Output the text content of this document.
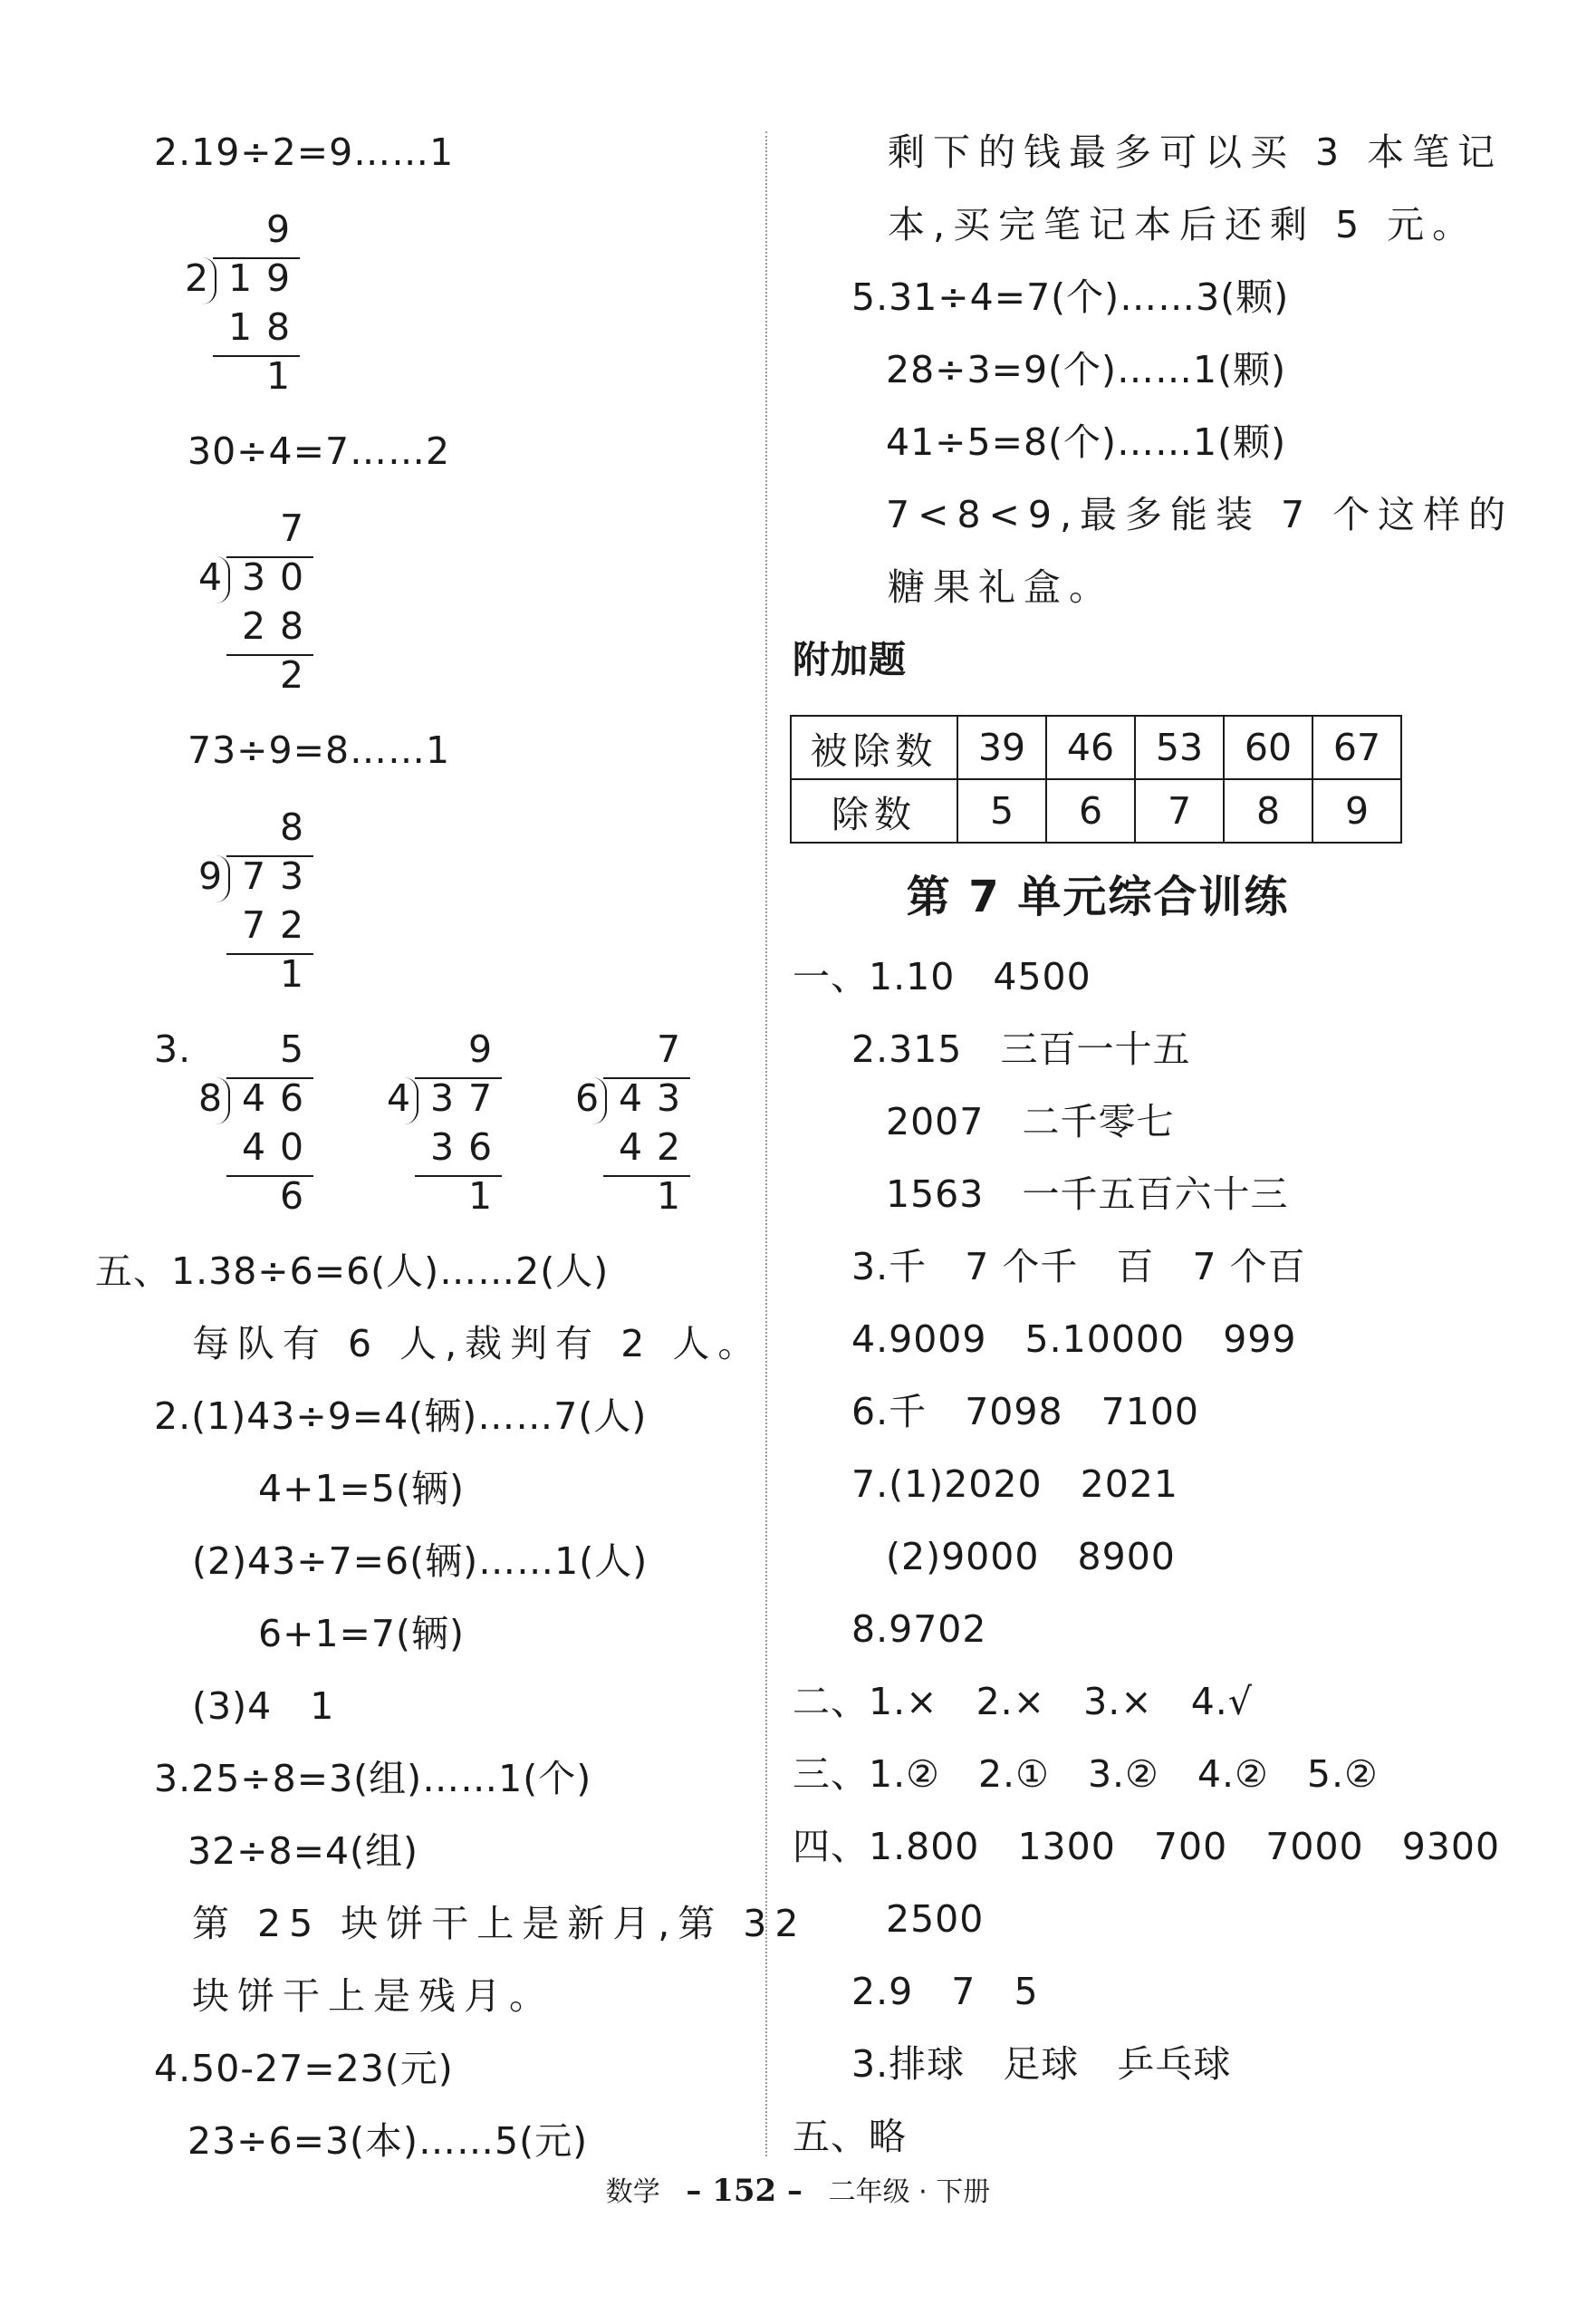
2.19÷2=9……1
9
2 1 9
1 8
1
30÷4=7……2
7
4 3 0
2 8
2
73÷9=8……1
8
9 7 3
7 2
1
3. 5
8 4 6
4 0
6
9
4 3 7
3 6
1
7
6 4 3
4 2
1
五、1.38÷6=6(人)……2(人)
每队有 6 人,裁判有 2 人。
2.(1)43÷9=4(辆)……7(人)
4+1=5(辆)
(2)43÷7=6(辆)……1(人)
6+1=7(辆)
(3)4   1
3.25÷8=3(组)……1(个)
32÷8=4(组)
第 25 块饼干上是新月,第 32
块饼干上是残月。
4.50-27=23(元)
23÷6=3(本)……5(元)
剩下的钱最多可以买 3 本笔记
本,买完笔记本后还剩 5 元。
5.31÷4=7(个)……3(颗)
28÷3=9(个)……1(颗)
41÷5=8(个)……1(颗)
7<8<9,最多能装 7 个这样的
糖果礼盒。
附加题
被除数	39	46	53	60	67
除数	5	6	7	8	9
第 7 单元综合训练
一、1.10   4500
2.315   三百一十五
2007   二千零七
1563   一千五百六十三
3.千   7 个千   百   7 个百
4.9009   5.10000   999
6.千   7098   7100
7.(1)2020   2021
(2)9000   8900
8.9702
二、1.×   2.×   3.×   4.√
三、1.②   2.①   3.②   4.②   5.②
四、1.800   1300   700   7000   9300
2500
2.9   7   5
3.排球   足球   乒乓球
五、略
数学 – 152 – 二年级 · 下册
